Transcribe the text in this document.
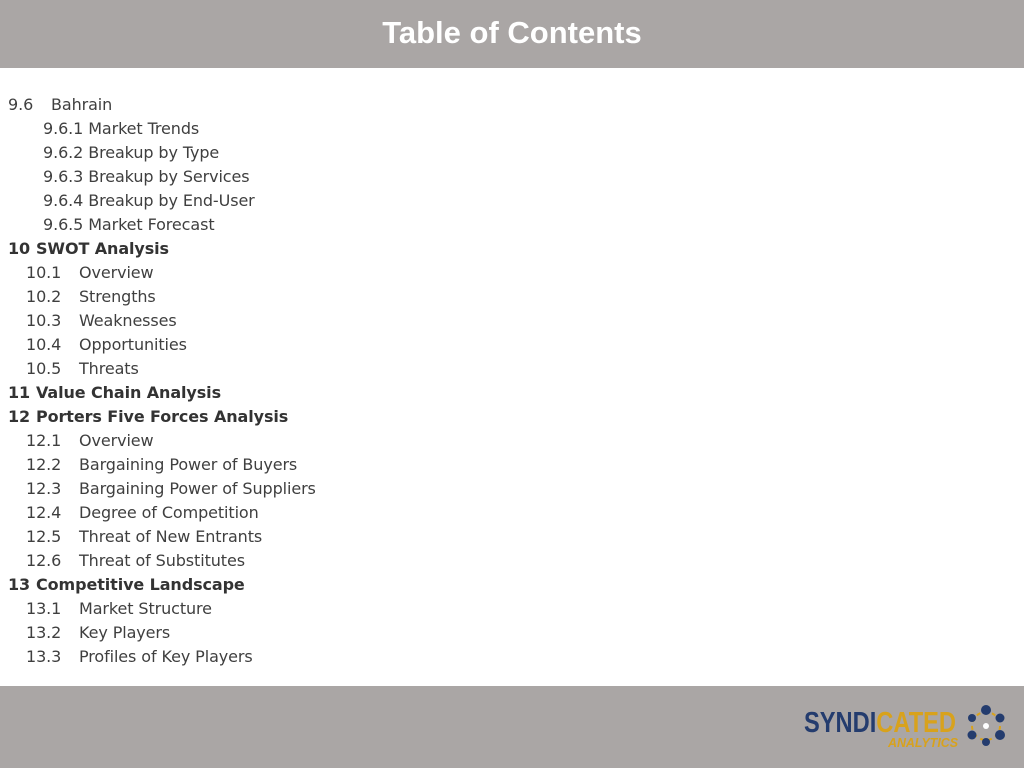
Table of Contents
9.6 Bahrain
9.6.1 Market Trends
9.6.2 Breakup by Type
9.6.3 Breakup by Services
9.6.4 Breakup by End-User
9.6.5 Market Forecast
10 SWOT Analysis
10.1 Overview
10.2 Strengths
10.3 Weaknesses
10.4 Opportunities
10.5 Threats
11 Value Chain Analysis
12 Porters Five Forces Analysis
12.1 Overview
12.2 Bargaining Power of Buyers
12.3 Bargaining Power of Suppliers
12.4 Degree of Competition
12.5 Threat of New Entrants
12.6 Threat of Substitutes
13 Competitive Landscape
13.1 Market Structure
13.2 Key Players
13.3 Profiles of Key Players
SYNDICATED
ANALYTICS
